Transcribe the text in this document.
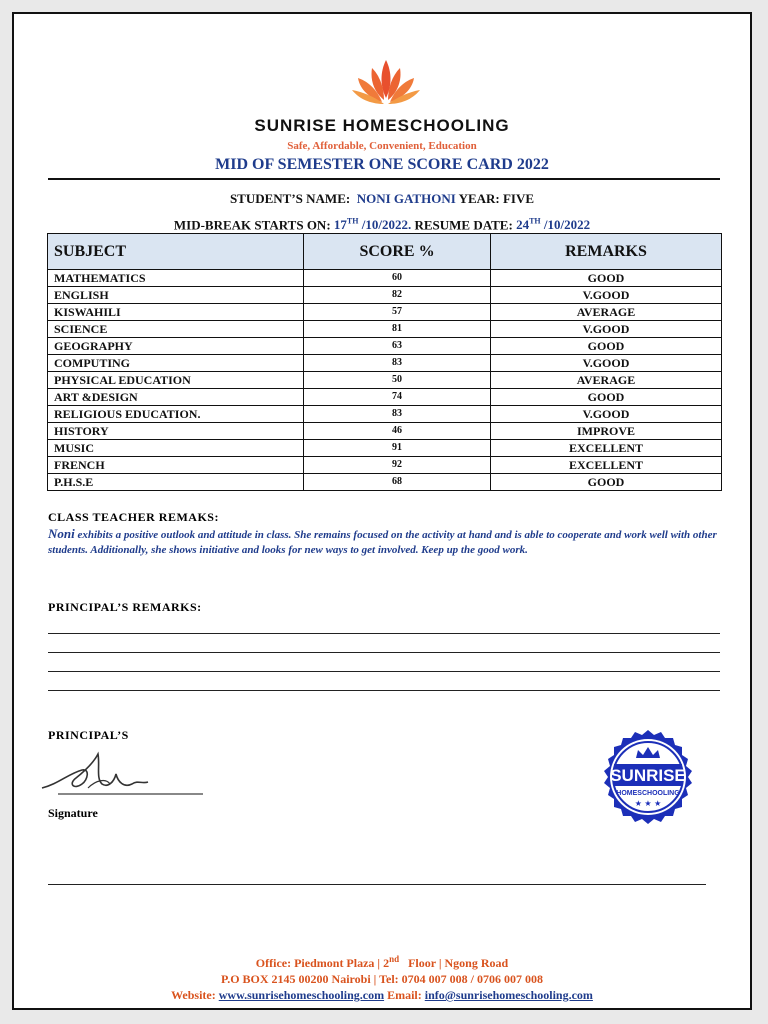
SUNRISE HOMESCHOOLING
Safe, Affordable, Convenient, Education
MID OF SEMESTER ONE SCORE CARD 2022
STUDENT’S NAME: NONI GATHONI YEAR: FIVE
MID-BREAK STARTS ON: 17TH /10/2022. RESUME DATE: 24TH /10/2022
SUBJECT	SCORE %	REMARKS
MATHEMATICS	60	GOOD
ENGLISH	82	V.GOOD
KISWAHILI	57	AVERAGE
SCIENCE	81	V.GOOD
GEOGRAPHY	63	GOOD
COMPUTING	83	V.GOOD
PHYSICAL EDUCATION	50	AVERAGE
ART &DESIGN	74	GOOD
RELIGIOUS EDUCATION.	83	V.GOOD
HISTORY	46	IMPROVE
MUSIC	91	EXCELLENT
FRENCH	92	EXCELLENT
P.H.S.E	68	GOOD
CLASS TEACHER REMAKS:
Noni exhibits a positive outlook and attitude in class. She remains focused on the activity at hand and is able to cooperate and work well with other students. Additionally, she shows initiative and looks for new ways to get involved. Keep up the good work.
PRINCIPAL’S REMARKS:
PRINCIPAL’S
Signature
SUNRISE
HOMESCHOOLING
★ ★ ★
Office: Piedmont Plaza | 2nd   Floor | Ngong Road
P.O BOX 2145 00200 Nairobi | Tel: 0704 007 008 / 0706 007 008
Website: www.sunrisehomeschooling.com Email: info@sunrisehomeschooling.com
